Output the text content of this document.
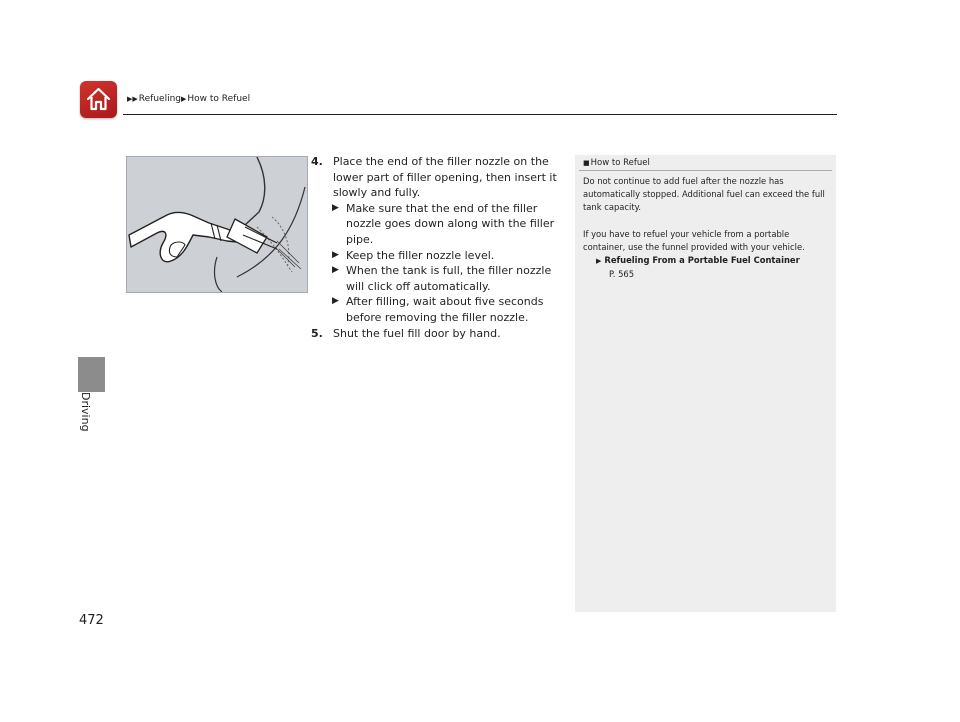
▶▶Refueling▶How to Refuel
Driving
4. Place the end of the filler nozzle on the lower part of filler opening, then insert it slowly and fully.
▶ Make sure that the end of the filler nozzle goes down along with the filler pipe.
▶ Keep the filler nozzle level.
▶ When the tank is full, the filler nozzle will click off automatically.
▶ After filling, wait about five seconds before removing the filler nozzle.
5. Shut the fuel fill door by hand.
■How to Refuel

Do not continue to add fuel after the nozzle has automatically stopped. Additional fuel can exceed the full tank capacity.

If you have to refuel your vehicle from a portable container, use the funnel provided with your vehicle.
▶ Refueling From a Portable Fuel Container
P. 565
472
